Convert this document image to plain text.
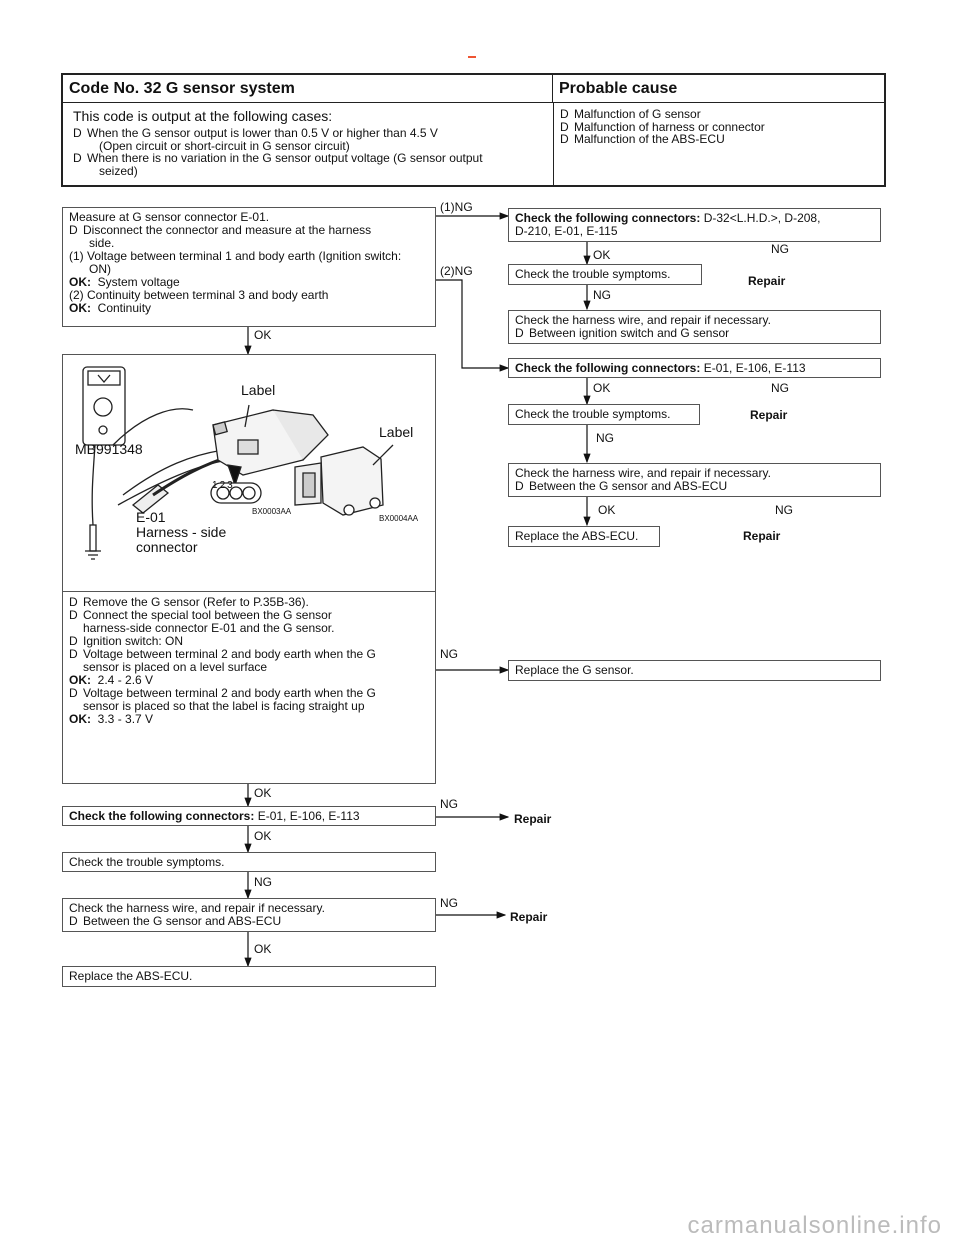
Code No. 32 G sensor system	Probable cause
This code is output at the following cases:
D When the G sensor output is lower than 0.5 V or higher than 4.5 V
(Open circuit or short-circuit in G sensor circuit)
D When there is no variation in the G sensor output voltage (G sensor output
seized)
D Malfunction of G sensor
D Malfunction of harness or connector
D Malfunction of the ABS-ECU
Measure at G sensor connector E-01.
D Disconnect the connector and measure at the harness
side.
(1) Voltage between terminal 1 and body earth (Ignition switch:
ON)
OK: System voltage
(2) Continuity between terminal 3 and body earth
OK: Continuity
OK
Label
Label
MB991348
123
BX0003AA
BX0004AA
E-01
Harness - side
connector
D Remove the G sensor (Refer to P.35B-36).
D Connect the special tool between the G sensor
harness-side connector E-01 and the G sensor.
D Ignition switch: ON
D Voltage between terminal 2 and body earth when the G
sensor is placed on a level surface
OK: 2.4 - 2.6 V
D Voltage between terminal 2 and body earth when the G
sensor is placed so that the label is facing straight up
OK: 3.3 - 3.7 V
(1)NG
(2)NG
Check the following connectors: D-32<L.H.D.>, D-208,
D-210, E-01, E-115
OK	NG
Repair
Check the trouble symptoms.
NG
Check the harness wire, and repair if necessary.
D Between ignition switch and G sensor
Check the following connectors: E-01, E-106, E-113
OK	NG
Repair
Check the trouble symptoms.
NG
Check the harness wire, and repair if necessary.
D Between the G sensor and ABS-ECU
OK	NG
Repair
Replace the ABS-ECU.
NG
Replace the G sensor.
OK
Check the following connectors: E-01, E-106, E-113
NG
Repair
OK
Check the trouble symptoms.
NG
Check the harness wire, and repair if necessary.
D Between the G sensor and ABS-ECU
NG
Repair
OK
Replace the ABS-ECU.
carmanualsonline.info
